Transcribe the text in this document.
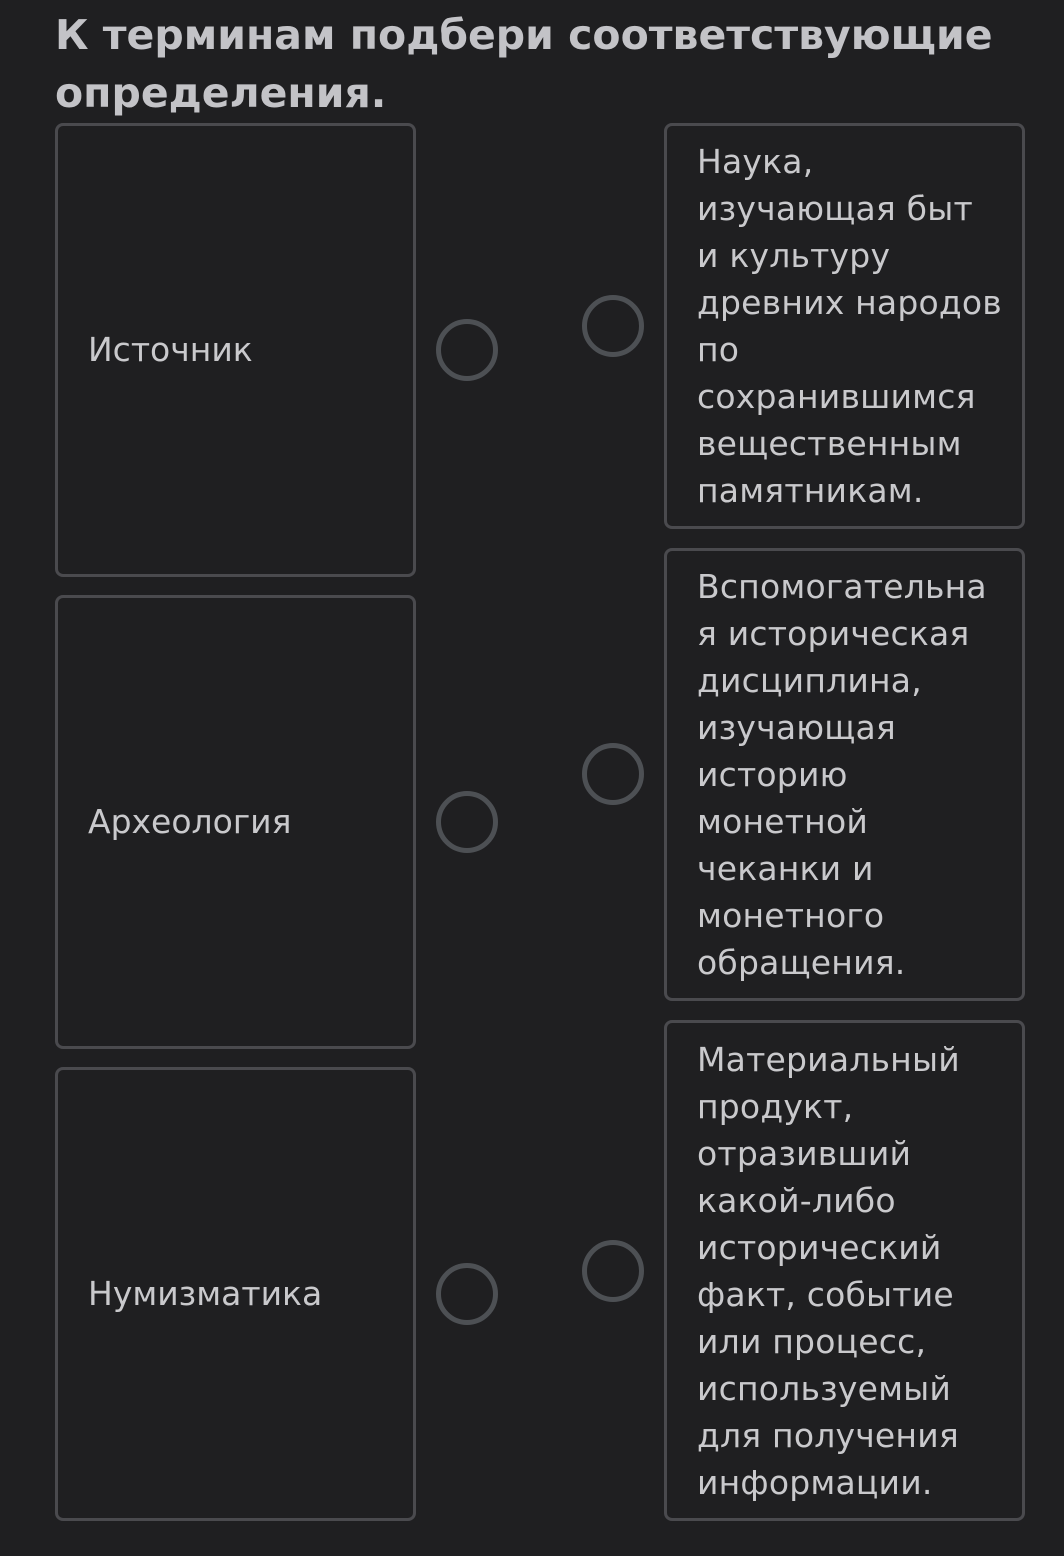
К терминам подбери соответствующие определения.
Источник
Археология
Нумизматика
Наука,
изучающая быт
и культуру
древних народов
по
сохранившимся
вещественным
памятникам.
Вспомогательна
я историческая
дисциплина,
изучающая
историю
монетной
чеканки и
монетного
обращения.
Материальный
продукт,
отразивший
какой-либо
исторический
факт, событие
или процесс,
используемый
для получения
информации.
